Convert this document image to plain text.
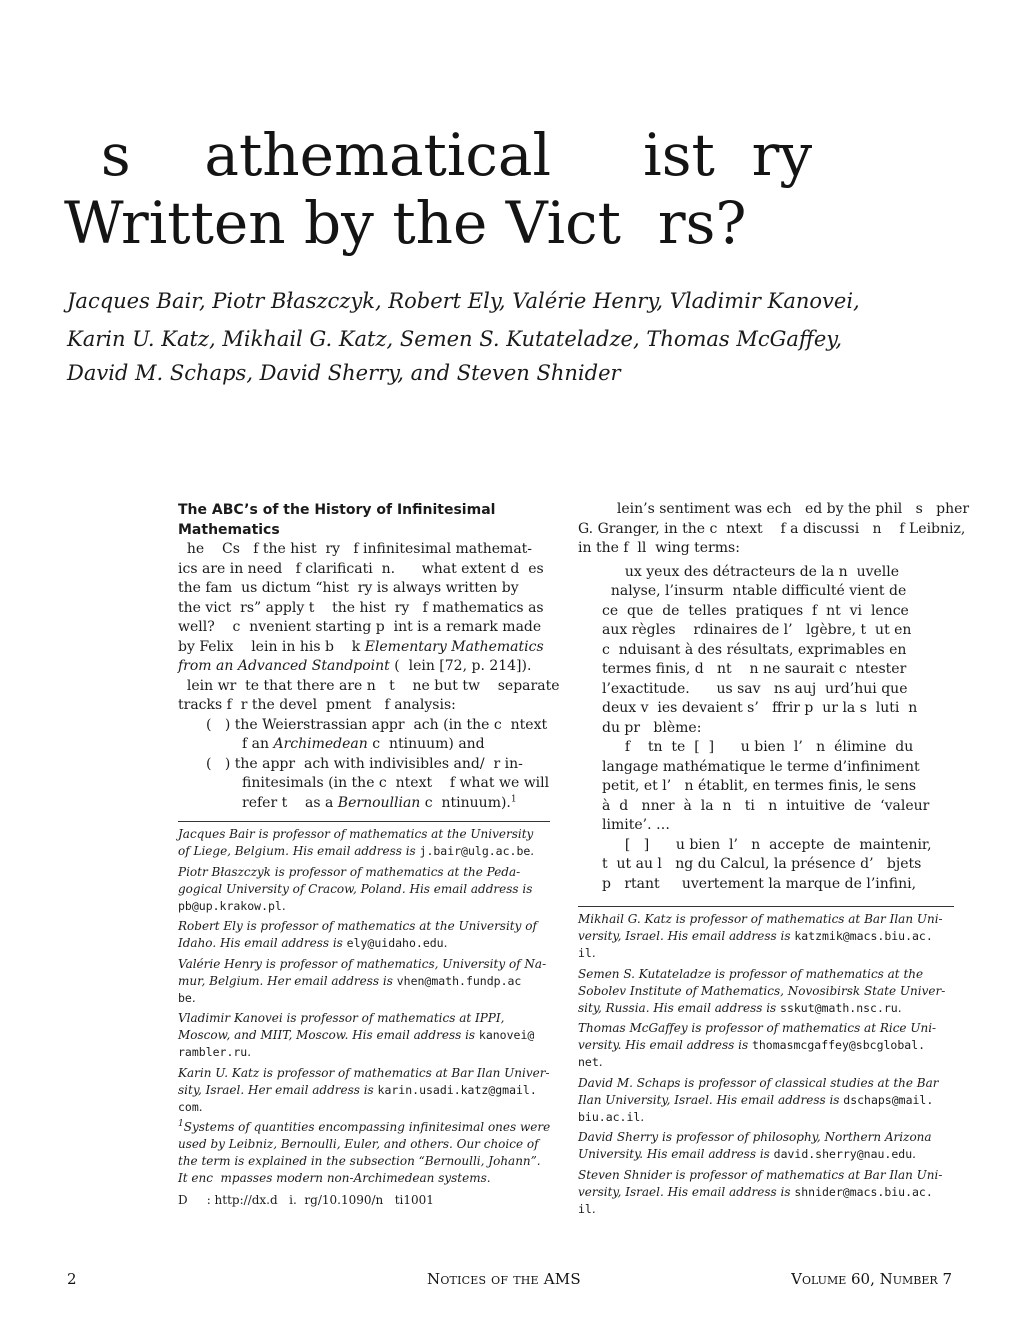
s    athematical     ist  ry
Written by the Vict  rs?
Jacques Bair, Piotr Błaszczyk, Robert Ely, Valérie Henry, Vladimir Kanovei,
Karin U. Katz, Mikhail G. Katz, Semen S. Kutateladze, Thomas McGaffey,
David M. Schaps, David Sherry, and Steven Shnider

The ABC’s of the History of Infinitesimal

Mathematics

he    Cs   f the hist  ry   f infinitesimal mathemat-

ics are in need   f clarificati  n.      what extent d  es

the fam  us dictum “hist  ry is always written by

the vict  rs” apply t    the hist  ry   f mathematics as

well?    c  nvenient starting p  int is a remark made

by Felix    lein in his b    k Elementary Mathematics

from an Advanced Standpoint (  lein [72, p. 214]).

lein wr  te that there are n   t    ne but tw    separate

tracks f  r the devel  pment   f analysis:

(   ) the Weierstrassian appr  ach (in the c  ntext

f an Archimedean c  ntinuum) and

(   ) the appr  ach with indivisibles and/  r in-

finitesimals (in the c  ntext    f what we will

refer t    as a Bernoullian c  ntinuum).$^1$

Jacques Bair is professor of mathematics at the University
of Liege, Belgium. His email address is j.bair@ulg.ac.be.

Piotr Błaszczyk is professor of mathematics at the Peda-
gogical University of Cracow, Poland. His email address is
pb@up.krakow.pl.

Robert Ely is professor of mathematics at the University of
Idaho. His email address is ely@uidaho.edu.

Valérie Henry is professor of mathematics, University of Na-
mur, Belgium. Her email address is vhen@math.fundp.ac
be.

Vladimir Kanovei is professor of mathematics at IPPI,
Moscow, and MIIT, Moscow. His email address is kanovei@
rambler.ru.

Karin U. Katz is professor of mathematics at Bar Ilan Univer-
sity, Israel. Her email address is karin.usadi.katz@gmail.
com.

$^1$Systems of quantities encompassing infinitesimal ones were
used by Leibniz, Bernoulli, Euler, and others. Our choice of
the term is explained in the subsection “Bernoulli, Johann”.
It enc  mpasses modern non-Archimedean systems.

D     : http://dx.d   i.  rg/10.1090/n   ti1001

lein’s sentiment was ech   ed by the phil   s   pher

G. Granger, in the c  ntext    f a discussi   n    f Leibniz,

in the f  ll  wing terms:

ux yeux des détracteurs de la n  uvelle

nalyse, l’insurm  ntable difficulté vient de

ce  que  de  telles  pratiques  f  nt  vi  lence

aux règles    rdinaires de l’   lgèbre, t  ut en

c  nduisant à des résultats, exprimables en

termes finis, d   nt    n ne saurait c  ntester

l’exactitude.      us sav   ns auj  urd’hui que

deux v  ies devaient s’   ffrir p  ur la s  luti  n

du pr   blème:

f    tn  te  [  ]      u bien  l’   n  élimine  du

langage mathématique le terme d’infiniment

petit, et l’   n établit, en termes finis, le sens

à  d   nner  à  la  n   ti   n  intuitive  de  ‘valeur

limite’. …

[   ]      u bien  l’   n  accepte  de  maintenir,

t  ut au l   ng du Calcul, la présence d’   bjets

p   rtant     uvertement la marque de l’infini,

Mikhail G. Katz is professor of mathematics at Bar Ilan Uni-
versity, Israel. His email address is katzmik@macs.biu.ac.
il.

Semen S. Kutateladze is professor of mathematics at the
Sobolev Institute of Mathematics, Novosibirsk State Univer-
sity, Russia. His email address is sskut@math.nsc.ru.

Thomas McGaffey is professor of mathematics at Rice Uni-
versity. His email address is thomasmcgaffey@sbcglobal.
net.

David M. Schaps is professor of classical studies at the Bar
Ilan University, Israel. His email address is dschaps@mail.
biu.ac.il.

David Sherry is professor of philosophy, Northern Arizona
University. His email address is david.sherry@nau.edu.

Steven Shnider is professor of mathematics at Bar Ilan Uni-
versity, Israel. His email address is shnider@macs.biu.ac.
il.

2	Notices of the AMS	Volume 60, Number 7
